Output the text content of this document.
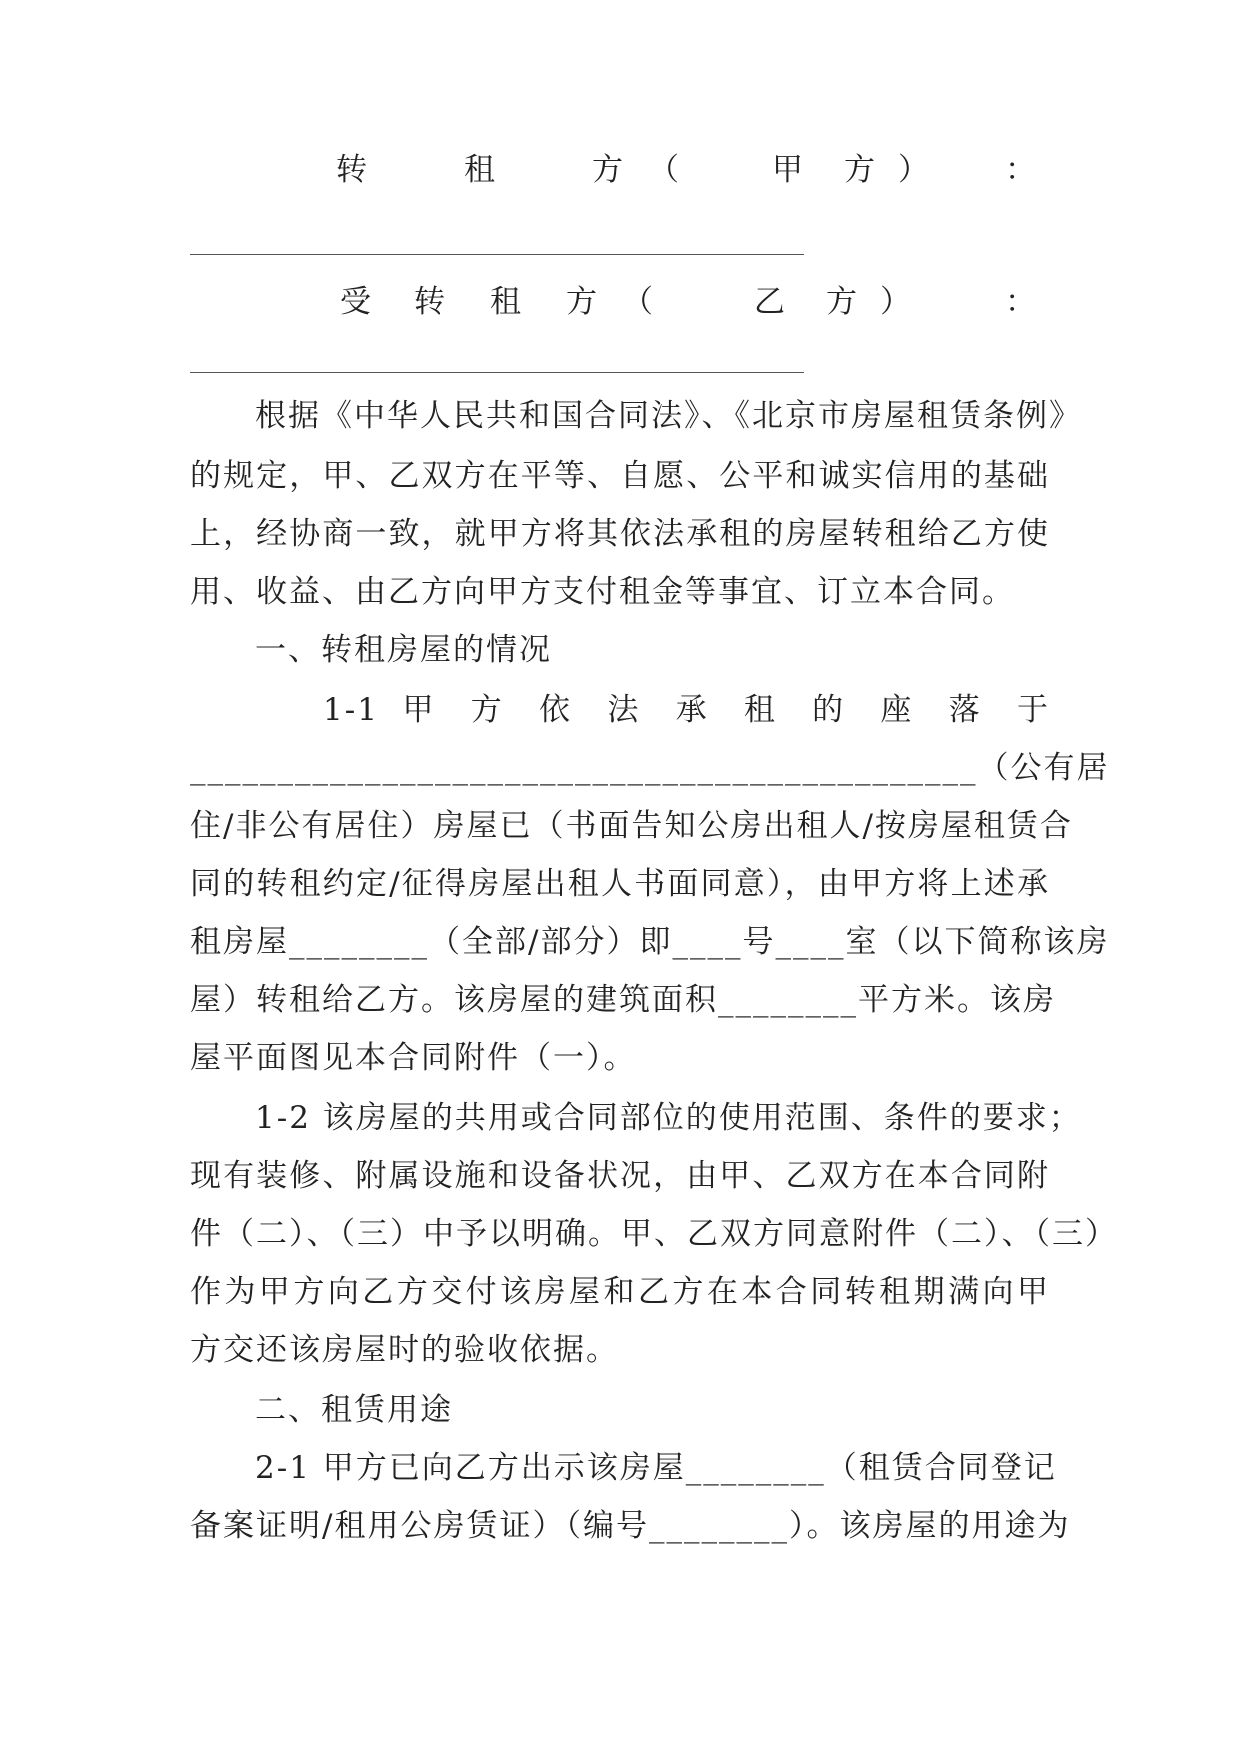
转	租	方 （	甲 方 ） ：
受 转 租 方 （	乙 方 ）	：
根据《中华人民共和国合同法》、《北京市房屋租赁条例》
的规定，甲、乙双方在平等、自愿、公平和诚实信用的基础
上，经协商一致，就甲方将其依法承租的房屋转租给乙方使
用、收益、由乙方向甲方支付租金等事宜、订立本合同。
一、转租房屋的情况
1-1 甲 方 依 法 承 租 的 座 落 于
_____________________________________________（公有居
住/非公有居住）房屋已（书面告知公房出租人/按房屋租赁合
同的转租约定/征得房屋出租人书面同意），由甲方将上述承
租房屋________（全部/部分）即____号____室（以下简称该房
屋）转租给乙方。该房屋的建筑面积________平方米。该房
屋平面图见本合同附件（一）。
1-2 该房屋的共用或合同部位的使用范围、条件的要求；
现有装修、附属设施和设备状况，由甲、乙双方在本合同附
件（二）、（三）中予以明确。甲、乙双方同意附件（二）、（三）
作为甲方向乙方交付该房屋和乙方在本合同转租期满向甲
方交还该房屋时的验收依据。
二、租赁用途
2-1 甲方已向乙方出示该房屋________（租赁合同登记
备案证明/租用公房赁证）（编号________）。该房屋的用途为
